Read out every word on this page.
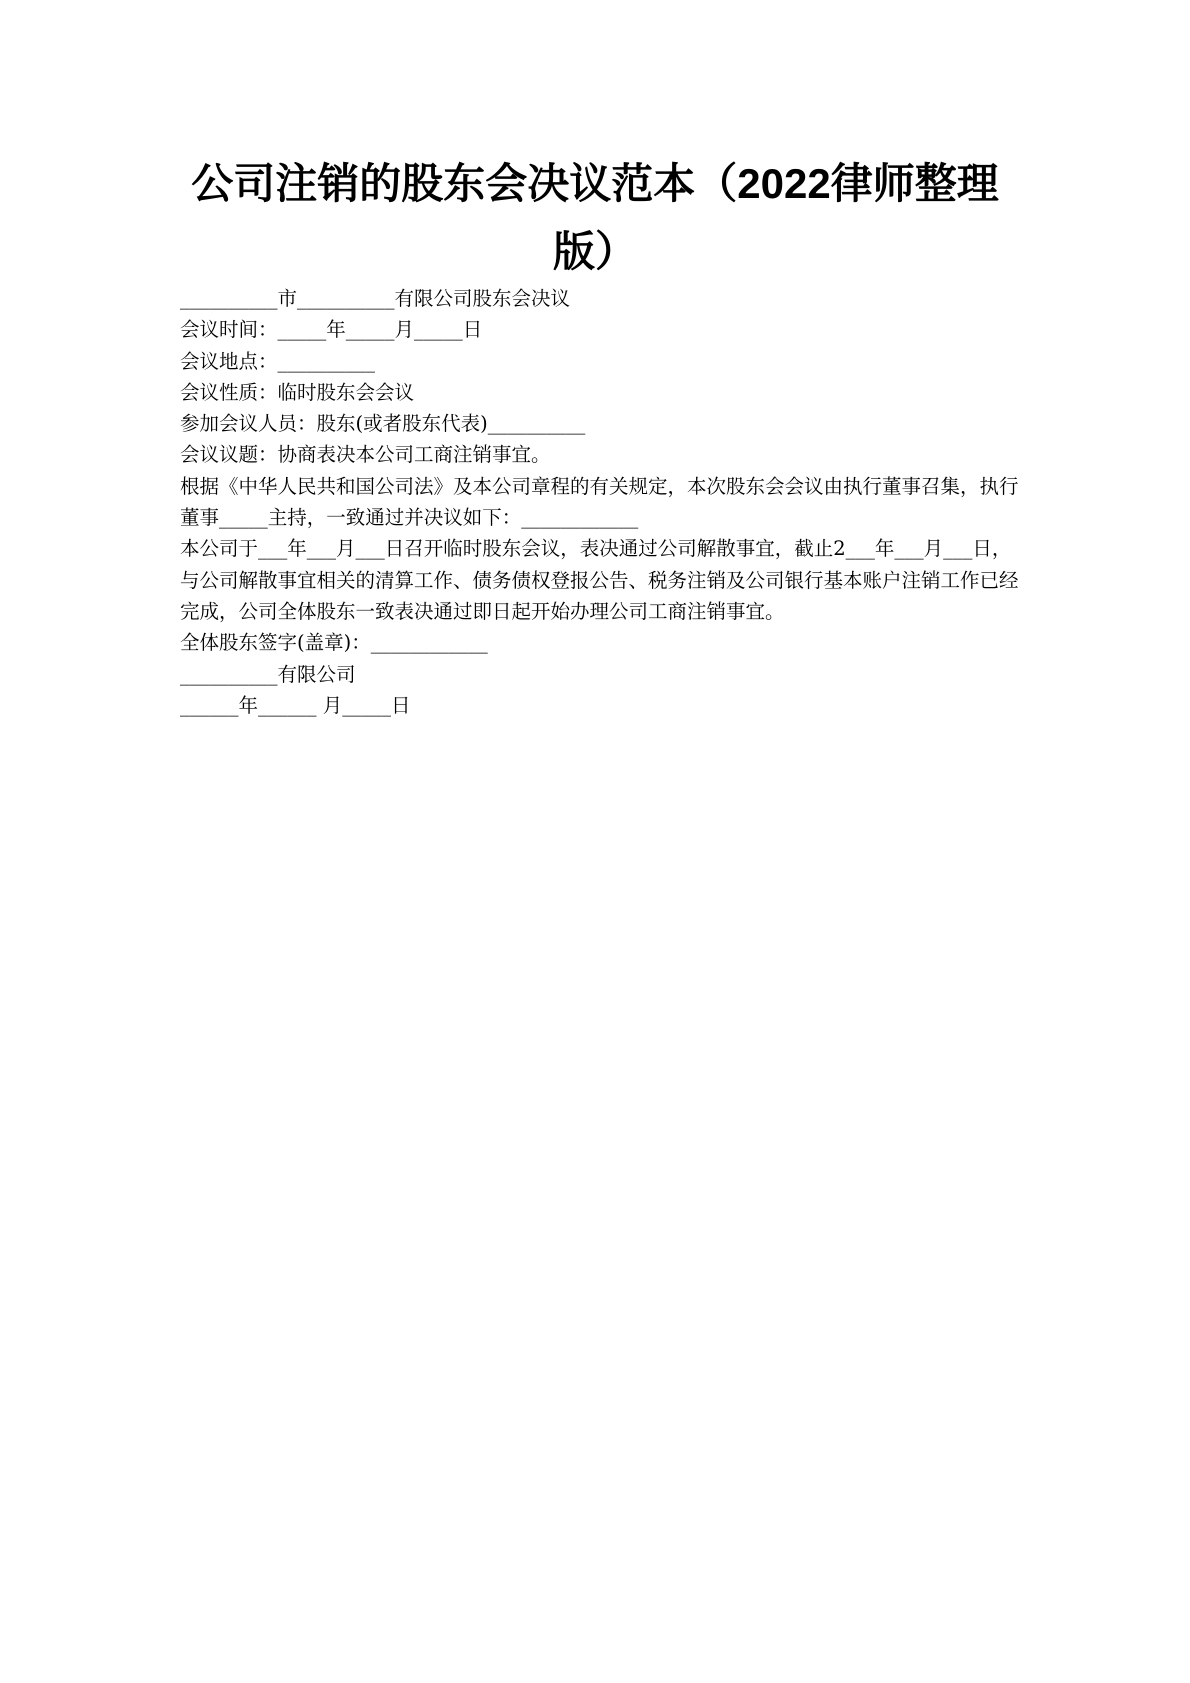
公司注销的股东会决议范本（2022律师整理版）

__________市__________有限公司股东会决议

会议时间：_____年_____月_____日

会议地点：__________

会议性质：临时股东会会议

参加会议人员：股东(或者股东代表)__________

会议议题：协商表决本公司工商注销事宜。

根据《中华人民共和国公司法》及本公司章程的有关规定，本次股东会会议由执行董事召集，执行董事_____主持，一致通过并决议如下：____________

本公司于___年___月___日召开临时股东会议，表决通过公司解散事宜，截止2___年___月___日，与公司解散事宜相关的清算工作、债务债权登报公告、税务注销及公司银行基本账户注销工作已经完成，公司全体股东一致表决通过即日起开始办理公司工商注销事宜。

全体股东签字(盖章)：____________

__________有限公司

______年______ 月_____日
